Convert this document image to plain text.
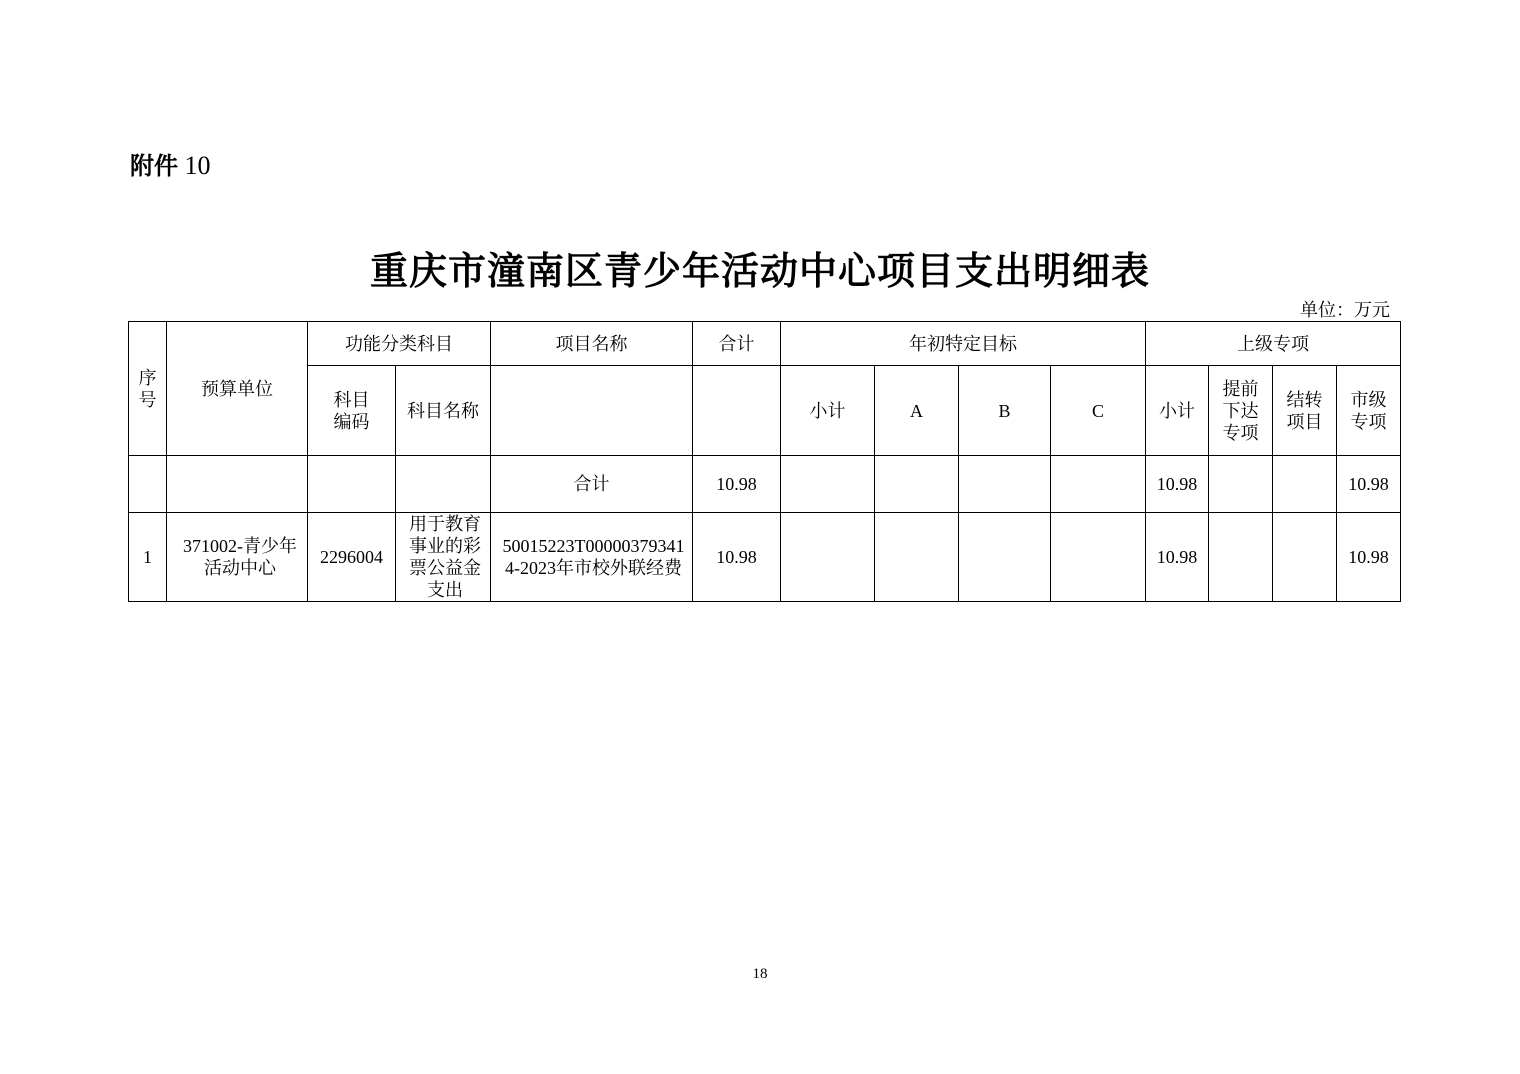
附件 10
重庆市潼南区青少年活动中心项目支出明细表
单位：万元
序号	预算单位	功能分类科目		项目名称	合计	年初特定目标				上级专项			
		科目编码	科目名称			小计	A	B	C	小计	提前下达专项	结转项目	市级专项
				合计	10.98					10.98			10.98
1	371002-青少年活动中心	2296004	用于教育事业的彩票公益金支出	50015223T000003793414-2023年市校外联经费	10.98					10.98			10.98
18
